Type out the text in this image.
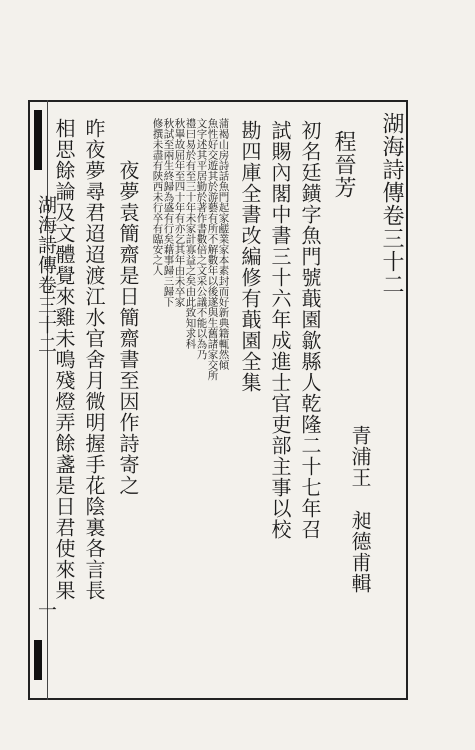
湖海詩傳卷三十二
一
湖海詩傳卷三十二
青浦王
昶德甫輯
程晉芳
初名廷鐄字魚門號蕺園歙縣人乾隆二十七年召
試賜內閣中書三十六年成進士官吏部主事以校
勘四庫全書改編修有蕺園全集
蒲褐山房詩話魚門起家鹺業家本素封而好新典籍輒然傾
魚性好交遊其於游藝有所不解數年以後遂與生舊諸家交所
文字述其平居勤於著作書數倍之文采公議不能以為乃
禮曰易於有至三十年未家計寡益之矣由此致知求科
秋畢故屈年至四十年有亦乞其年由未卒家
秋試至兩生終歸為盛有行矣藉事歸三歸下
修撰未盡有陝西未行卒有臨安之人
夜夢袁簡齋是日簡齋書至因作詩寄之
昨夜夢尋君迢迢渡江水官舍月微明握手花陰裏各言長
相思餘論及文體覺來雞未鳴殘燈弄餘盞是日君使來果
